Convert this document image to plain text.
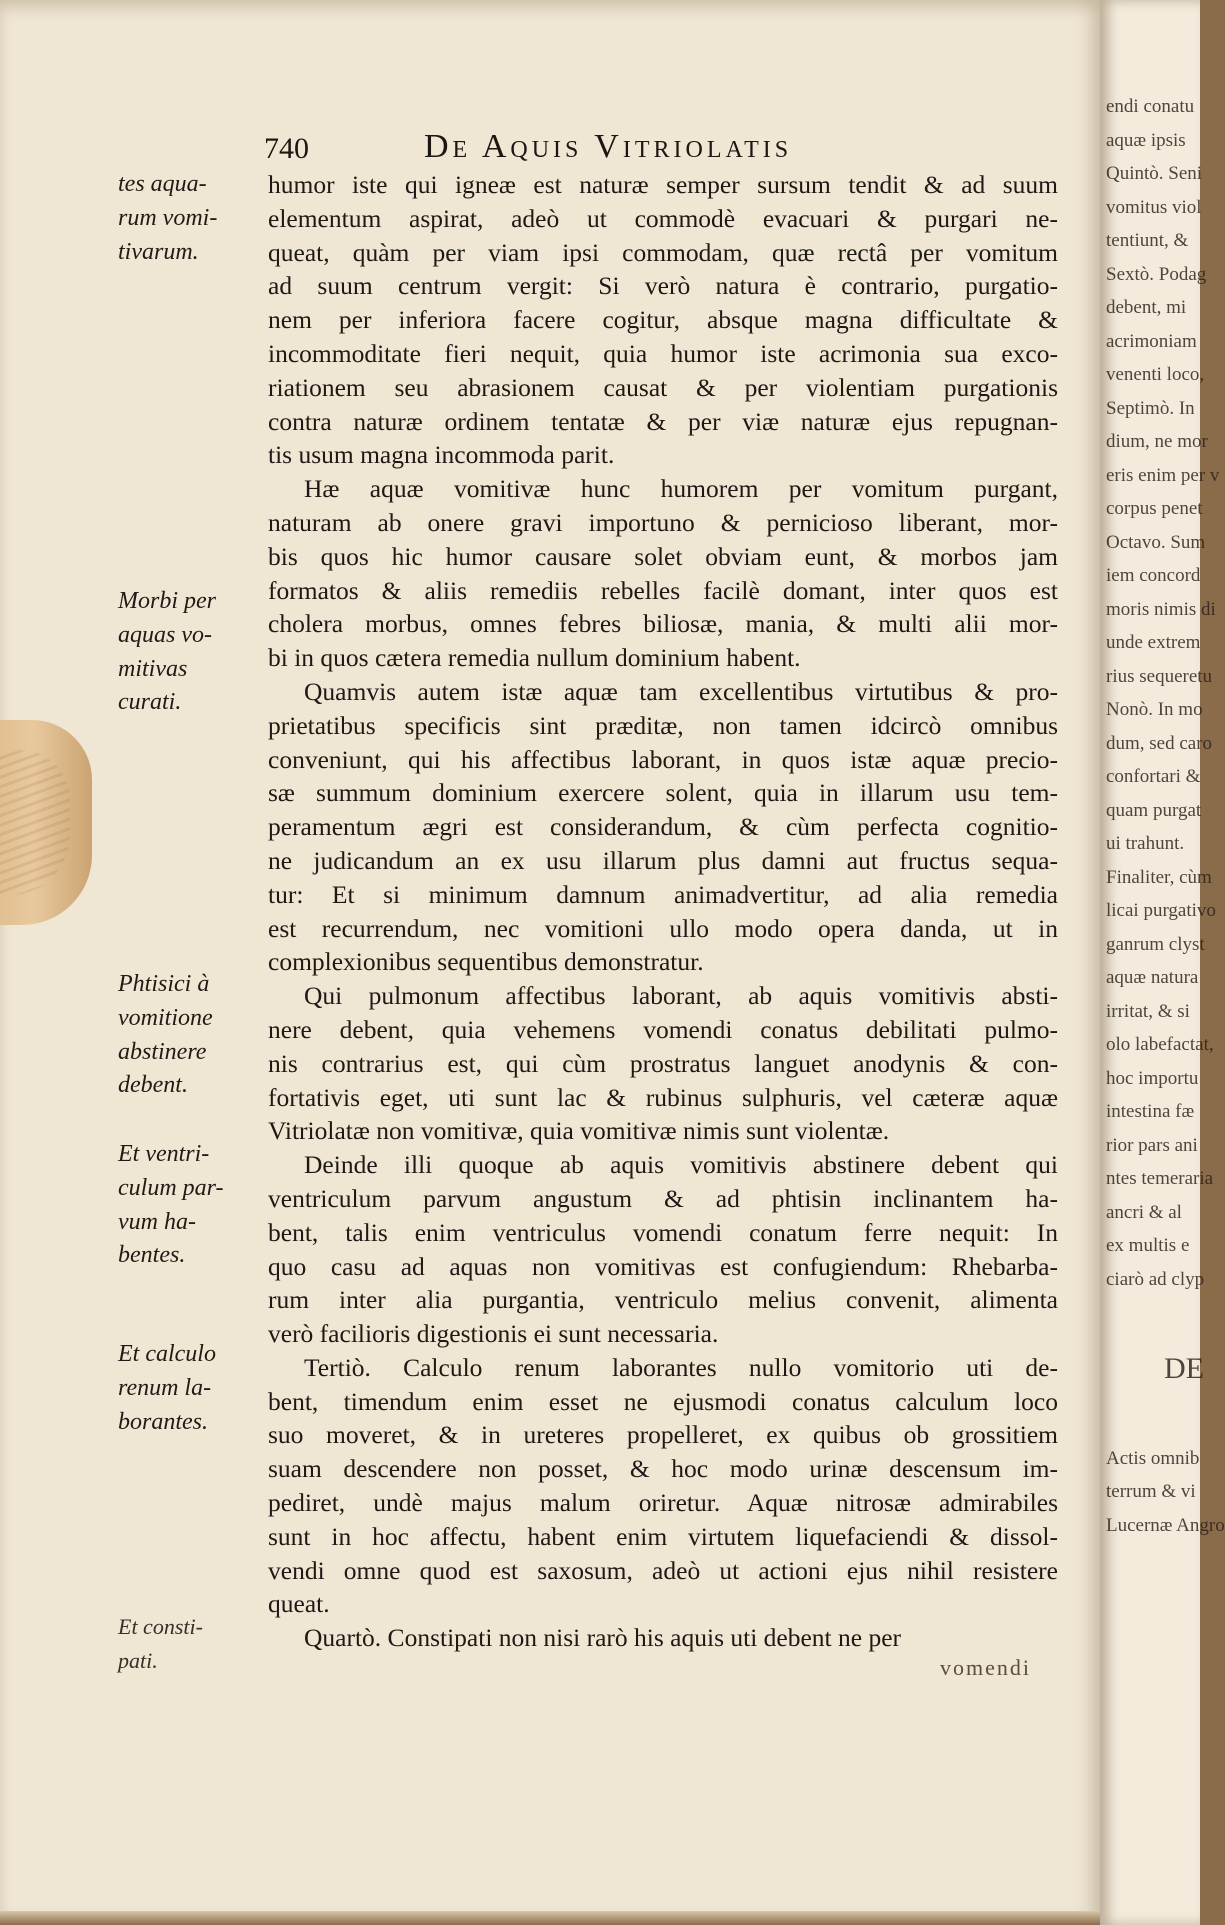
740	De Aquis Vitriolatis
tes aqua-
rum vomi-
tivarum.
Morbi per
aquas vo-
mitivas
curati.
Phtisici à
vomitione
abstinere
debent.
Et ventri-
culum par-
vum ha-
bentes.
Et calculo
renum la-
borantes.
Et consti-
pati.
humor iste qui igneæ est naturæ semper sursum tendit & ad suum
elementum aspirat, adeò ut commodè evacuari & purgari ne-
queat, quàm per viam ipsi commodam, quæ rectâ per vomitum
ad suum centrum vergit: Si verò natura è contrario, purgatio-
nem per inferiora facere cogitur, absque magna difficultate &
incommoditate fieri nequit, quia humor iste acrimonia sua exco-
riationem seu abrasionem causat & per violentiam purgationis
contra naturæ ordinem tentatæ & per viæ naturæ ejus repugnan-
tis usum magna incommoda parit.
Hæ aquæ vomitivæ hunc humorem per vomitum purgant,
naturam ab onere gravi importuno & pernicioso liberant, mor-
bis quos hic humor causare solet obviam eunt, & morbos jam
formatos & aliis remediis rebelles facilè domant, inter quos est
cholera morbus, omnes febres biliosæ, mania, & multi alii mor-
bi in quos cætera remedia nullum dominium habent.
Quamvis autem istæ aquæ tam excellentibus virtutibus & pro-
prietatibus specificis sint præditæ, non tamen idcircò omnibus
conveniunt, qui his affectibus laborant, in quos istæ aquæ precio-
sæ summum dominium exercere solent, quia in illarum usu tem-
peramentum ægri est considerandum, & cùm perfecta cognitio-
ne judicandum an ex usu illarum plus damni aut fructus sequa-
tur: Et si minimum damnum animadvertitur, ad alia remedia
est recurrendum, nec vomitioni ullo modo opera danda, ut in
complexionibus sequentibus demonstratur.
Qui pulmonum affectibus laborant, ab aquis vomitivis absti-
nere debent, quia vehemens vomendi conatus debilitati pulmo-
nis contrarius est, qui cùm prostratus languet anodynis & con-
fortativis eget, uti sunt lac & rubinus sulphuris, vel cæteræ aquæ
Vitriolatæ non vomitivæ, quia vomitivæ nimis sunt violentæ.
Deinde illi quoque ab aquis vomitivis abstinere debent qui
ventriculum parvum angustum & ad phtisin inclinantem ha-
bent, talis enim ventriculus vomendi conatum ferre nequit: In
quo casu ad aquas non vomitivas est confugiendum: Rhebarba-
rum inter alia purgantia, ventriculo melius convenit, alimenta
verò facilioris digestionis ei sunt necessaria.
Tertiò. Calculo renum laborantes nullo vomitorio uti de-
bent, timendum enim esset ne ejusmodi conatus calculum loco
suo moveret, & in ureteres propelleret, ex quibus ob grossitiem
suam descendere non posset, & hoc modo urinæ descensum im-
pediret, undè majus malum oriretur. Aquæ nitrosæ admirabiles
sunt in hoc affectu, habent enim virtutem liquefaciendi & dissol-
vendi omne quod est saxosum, adeò ut actioni ejus nihil resistere
queat.
Quartò. Constipati non nisi rarò his aquis uti debent ne per
vomendi
endi conatu
aquæ ipsis
Quintò. Seni
vomitus viol
tentiunt, &
Sextò. Podag
debent, mi
acrimoniam
venenti loco,
Septimò. In
dium, ne mor
eris enim per v
corpus penet
Octavo. Sum
iem concord
moris nimis di
unde extrem
rius sequeretu
Nonò. In mo
dum, sed caro
confortari &
quam purgat
ui trahunt.
Finaliter, cùm
licai purgativo
ganrum clyst
aquæ natura
irritat, & si
olo labefactat,
hoc importu
intestina fæ
rior pars ani
ntes temeraria
ancri & al
ex multis e
ciarò ad clyp
DE
Actis omnib
terrum & vi
Lucernæ Angro
